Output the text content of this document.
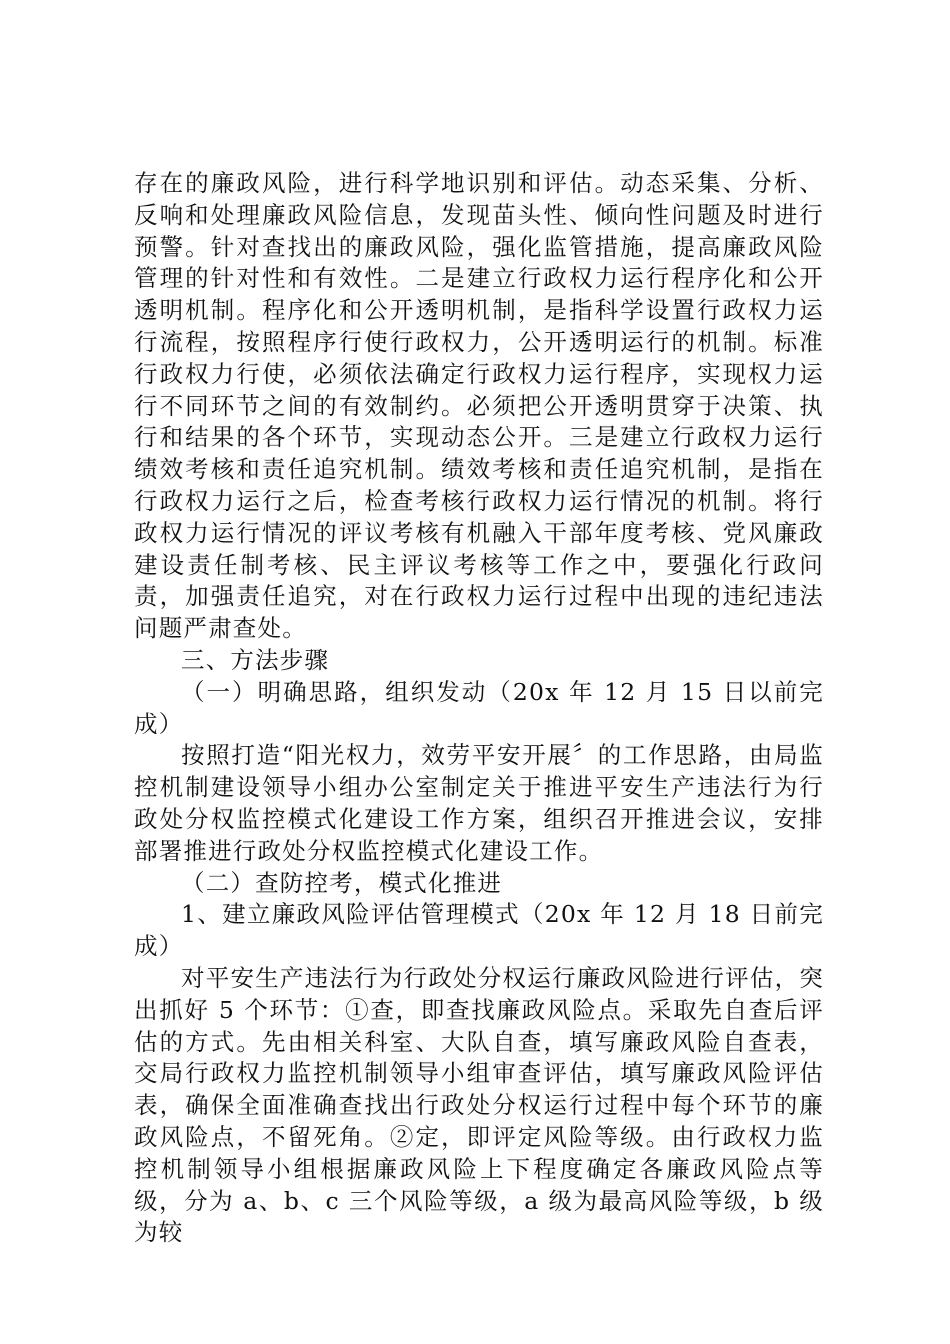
存在的廉政风险，进行科学地识别和评估。动态采集、分析、反响和处理廉政风险信息，发现苗头性、倾向性问题及时进行预警。针对查找出的廉政风险，强化监管措施，提高廉政风险管理的针对性和有效性。二是建立行政权力运行程序化和公开透明机制。程序化和公开透明机制，是指科学设置行政权力运行流程，按照程序行使行政权力，公开透明运行的机制。标准行政权力行使，必须依法确定行政权力运行程序，实现权力运行不同环节之间的有效制约。必须把公开透明贯穿于决策、执行和结果的各个环节，实现动态公开。三是建立行政权力运行绩效考核和责任追究机制。绩效考核和责任追究机制，是指在行政权力运行之后，检查考核行政权力运行情况的机制。将行政权力运行情况的评议考核有机融入干部年度考核、党风廉政建设责任制考核、民主评议考核等工作之中，要强化行政问责，加强责任追究，对在行政权力运行过程中出现的违纪违法问题严肃查处。

三、方法步骤

（一）明确思路，组织发动（20x 年 12 月 15 日以前完成）

按照打造“阳光权力，效劳平安开展〞的工作思路，由局监控机制建设领导小组办公室制定关于推进平安生产违法行为行政处分权监控模式化建设工作方案，组织召开推进会议，安排部署推进行政处分权监控模式化建设工作。

（二）查防控考，模式化推进

1、建立廉政风险评估管理模式（20x 年 12 月 18 日前完成）

对平安生产违法行为行政处分权运行廉政风险进行评估，突出抓好 5 个环节：①查，即查找廉政风险点。采取先自查后评估的方式。先由相关科室、大队自查，填写廉政风险自查表，交局行政权力监控机制领导小组审查评估，填写廉政风险评估表，确保全面准确查找出行政处分权运行过程中每个环节的廉政风险点，不留死角。②定，即评定风险等级。由行政权力监控机制领导小组根据廉政风险上下程度确定各廉政风险点等级，分为 a、b、c 三个风险等级，a 级为最高风险等级，b 级为较
